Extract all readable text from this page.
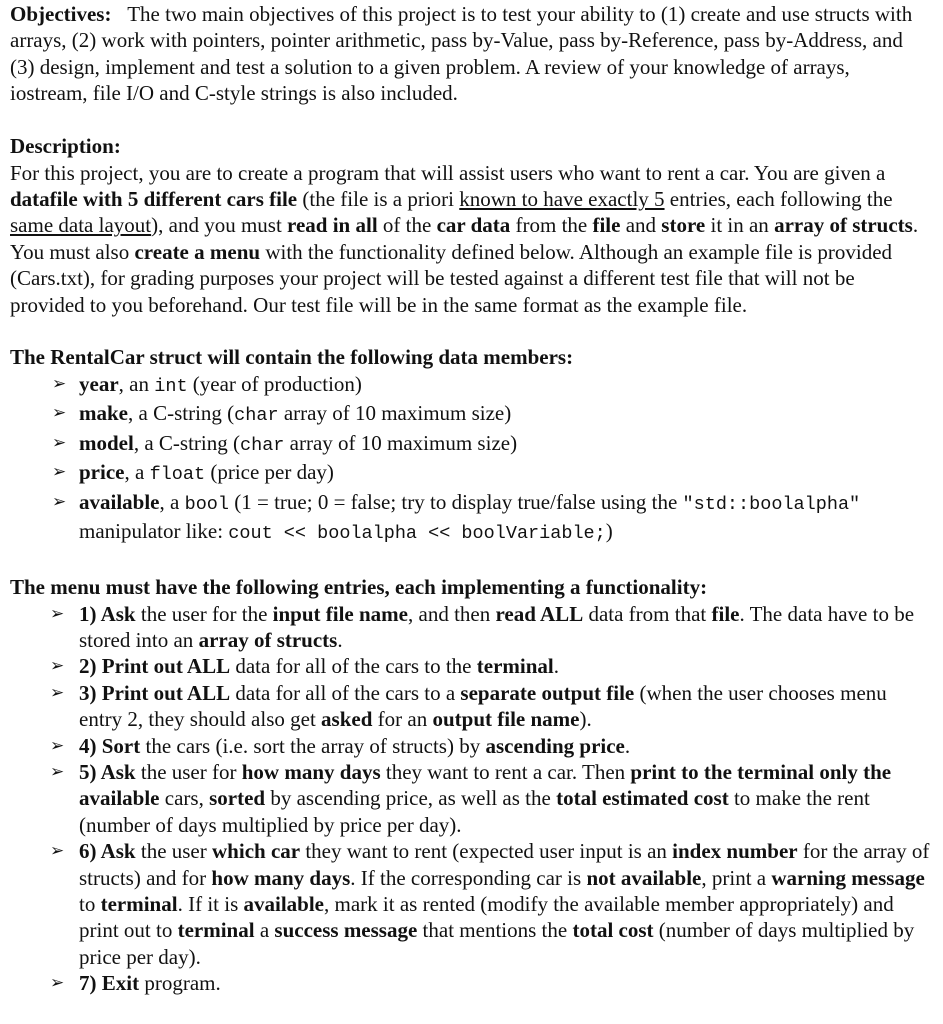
Objectives: The two main objectives of this project is to test your ability to (1) create and use structs with arrays, (2) work with pointers, pointer arithmetic, pass by-Value, pass by-Reference, pass by-Address, and (3) design, implement and test a solution to a given problem. A review of your knowledge of arrays, iostream, file I/O and C-style strings is also included.

Description:

For this project, you are to create a program that will assist users who want to rent a car. You are given a datafile with 5 different cars file (the file is a priori known to have exactly 5 entries, each following the same data layout), and you must read in all of the car data from the file and store it in an array of structs. You must also create a menu with the functionality defined below. Although an example file is provided (Cars.txt), for grading purposes your project will be tested against a different test file that will not be provided to you beforehand. Our test file will be in the same format as the example file.

The RentalCar struct will contain the following data members:
➢ year, an int (year of production)
➢ make, a C-string (char array of 10 maximum size)
➢ model, a C-string (char array of 10 maximum size)
➢ price, a float (price per day)
➢ available, a bool (1 = true; 0 = false; try to display true/false using the "std::boolalpha" manipulator like: cout << boolalpha << boolVariable;)
The menu must have the following entries, each implementing a functionality:
➢ 1) Ask the user for the input file name, and then read ALL data from that file. The data have to be stored into an array of structs.
➢ 2) Print out ALL data for all of the cars to the terminal.
➢ 3) Print out ALL data for all of the cars to a separate output file (when the user chooses menu entry 2, they should also get asked for an output file name).
➢ 4) Sort the cars (i.e. sort the array of structs) by ascending price.
➢ 5) Ask the user for how many days they want to rent a car. Then print to the terminal only the available cars, sorted by ascending price, as well as the total estimated cost to make the rent (number of days multiplied by price per day).
➢ 6) Ask the user which car they want to rent (expected user input is an index number for the array of structs) and for how many days. If the corresponding car is not available, print a warning message to terminal. If it is available, mark it as rented (modify the available member appropriately) and print out to terminal a success message that mentions the total cost (number of days multiplied by price per day).
➢ 7) Exit program.
